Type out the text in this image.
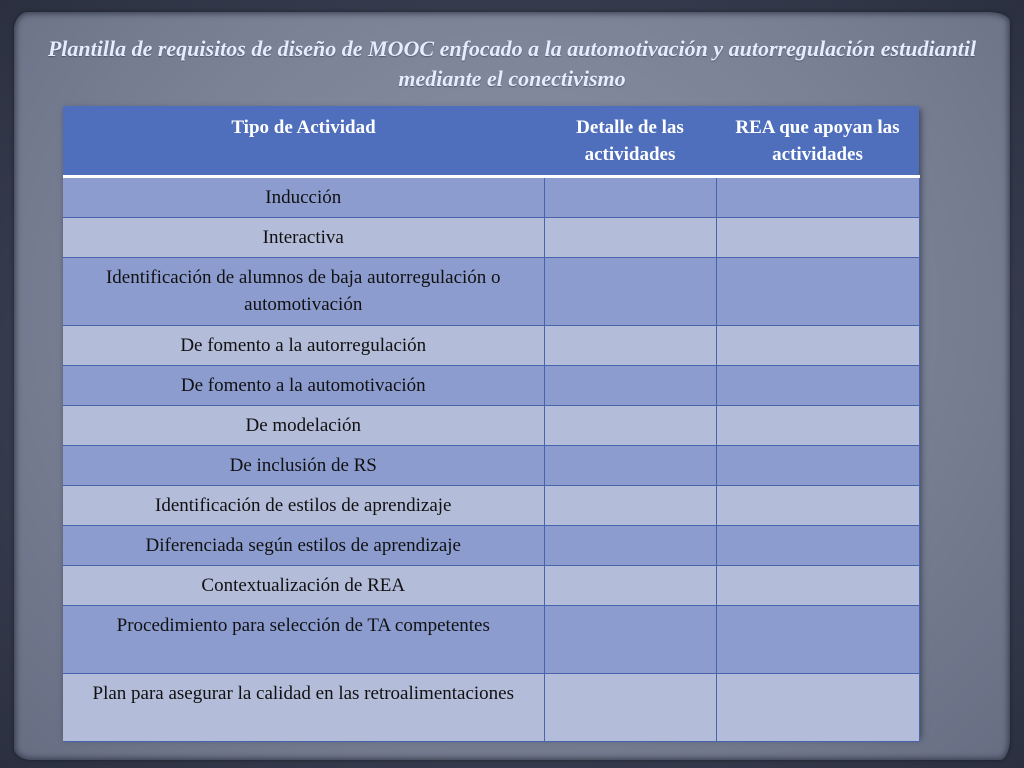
Plantilla de requisitos de diseño de MOOC enfocado a la automotivación y autorregulación estudiantil mediante el conectivismo
Tipo de Actividad	Detalle de las actividades	REA que apoyan las actividades
Inducción		
Interactiva		
Identificación de alumnos de baja autorregulación o automotivación		
De fomento a la autorregulación		
De fomento a la automotivación		
De modelación		
De inclusión de RS		
Identificación de estilos de aprendizaje		
Diferenciada según estilos de aprendizaje		
Contextualización de REA		
Procedimiento para selección de TA competentes		
Plan para asegurar la calidad en las retroalimentaciones		
